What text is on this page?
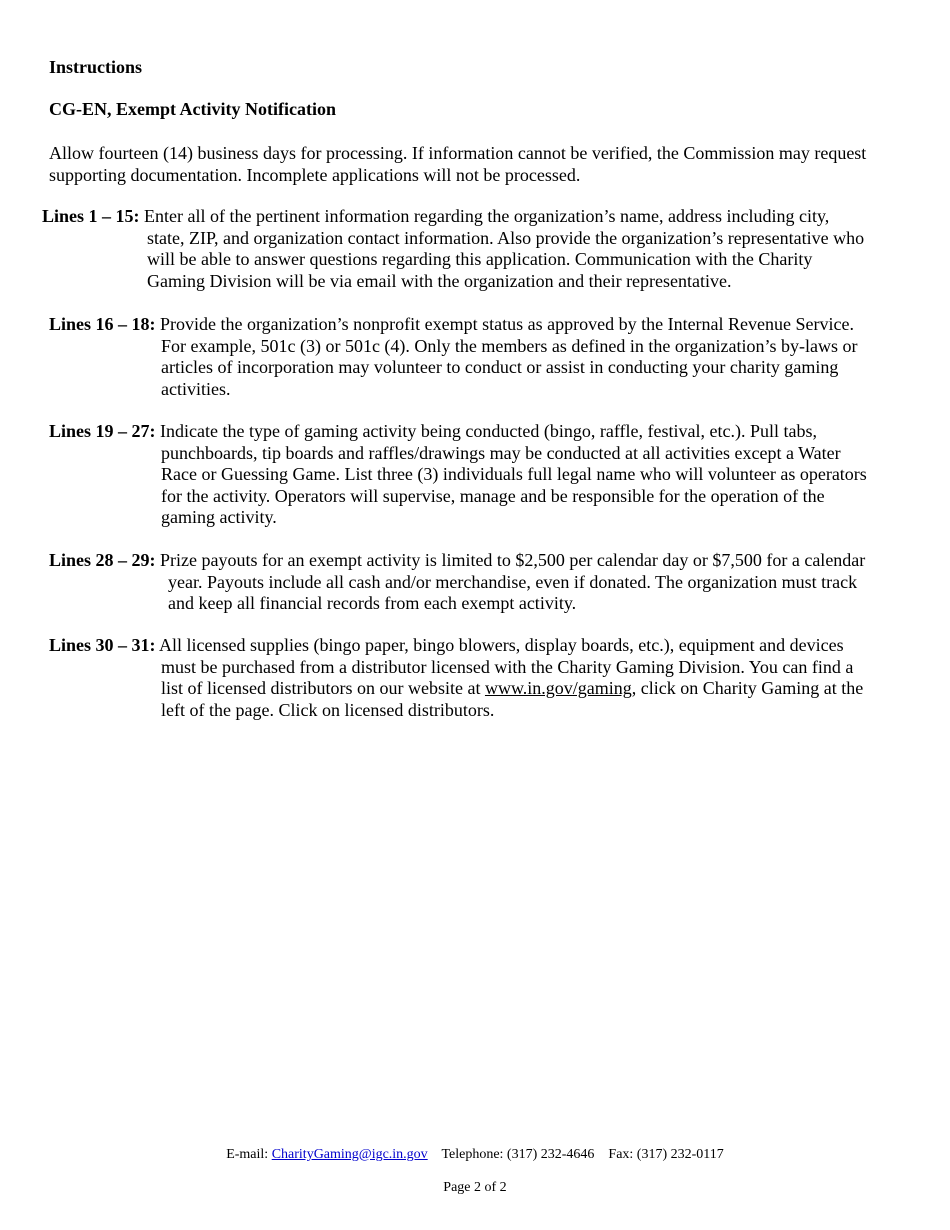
Instructions
CG-EN, Exempt Activity Notification
Allow fourteen (14) business days for processing. If information cannot be verified, the Commission may request
supporting documentation. Incomplete applications will not be processed.
Lines 1 – 15: Enter all of the pertinent information regarding the organization’s name, address including city,
state, ZIP, and organization contact information. Also provide the organization’s representative who
will be able to answer questions regarding this application. Communication with the Charity
Gaming Division will be via email with the organization and their representative.
Lines 16 – 18: Provide the organization’s nonprofit exempt status as approved by the Internal Revenue Service.
For example, 501c (3) or 501c (4). Only the members as defined in the organization’s by-laws or
articles of incorporation may volunteer to conduct or assist in conducting your charity gaming
activities.
Lines 19 – 27: Indicate the type of gaming activity being conducted (bingo, raffle, festival, etc.). Pull tabs,
punchboards, tip boards and raffles/drawings may be conducted at all activities except a Water
Race or Guessing Game. List three (3) individuals full legal name who will volunteer as operators
for the activity. Operators will supervise, manage and be responsible for the operation of the
gaming activity.
Lines 28 – 29: Prize payouts for an exempt activity is limited to $2,500 per calendar day or $7,500 for a calendar
year. Payouts include all cash and/or merchandise, even if donated. The organization must track
and keep all financial records from each exempt activity.
Lines 30 – 31: All licensed supplies (bingo paper, bingo blowers, display boards, etc.), equipment and devices
must be purchased from a distributor licensed with the Charity Gaming Division. You can find a
list of licensed distributors on our website at www.in.gov/gaming, click on Charity Gaming at the
left of the page. Click on licensed distributors.
E-mail: CharityGaming@igc.in.gov Telephone: (317) 232-4646 Fax: (317) 232-0117
Page 2 of 2
